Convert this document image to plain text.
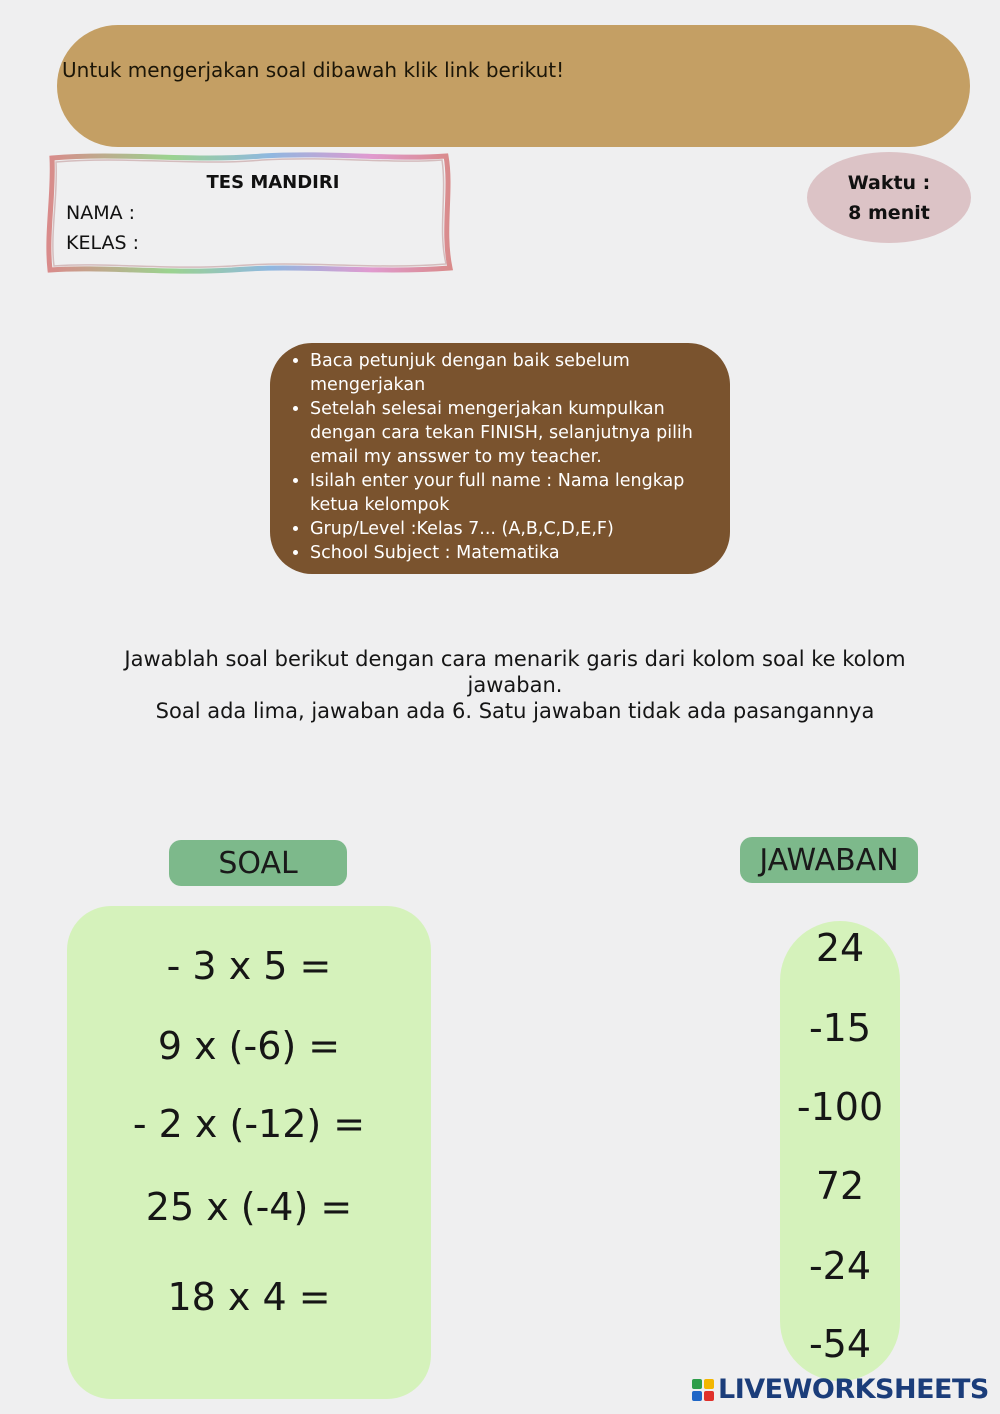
Untuk mengerjakan soal dibawah klik link berikut!
TES MANDIRI
NAMA :
KELAS :
Waktu :
8 menit
• Baca petunjuk dengan baik sebelum mengerjakan
• Setelah selesai mengerjakan kumpulkan dengan cara tekan FINISH, selanjutnya pilih email my ansswer to my teacher.
• Isilah enter your full name : Nama lengkap ketua kelompok
• Grup/Level :Kelas 7... (A,B,C,D,E,F)
• School Subject : Matematika
Jawablah soal berikut dengan cara menarik garis dari kolom soal ke kolom jawaban.
Soal ada lima, jawaban ada 6. Satu jawaban tidak ada pasangannya
SOAL	JAWABAN
- 3 x 5 =
9 x (-6) =
- 2 x (-12) =
25 x (-4) =
18 x 4 =
24
-15
-100
72
-24
-54
LIVEWORKSHEETS
